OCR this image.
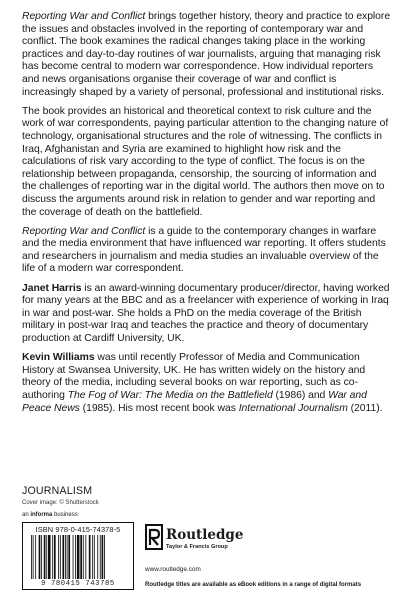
Reporting War and Conflict brings together history, theory and practice to explore the issues and obstacles involved in the reporting of contemporary war and conflict. The book examines the radical changes taking place in the working practices and day-to-day routines of war journalists, arguing that managing risk has become central to modern war correspondence. How individual reporters and news organisations organise their coverage of war and conflict is increasingly shaped by a variety of personal, professional and institutional risks.

The book provides an historical and theoretical context to risk culture and the work of war correspondents, paying particular attention to the changing nature of technology, organisational structures and the role of witnessing. The conflicts in Iraq, Afghanistan and Syria are examined to highlight how risk and the calculations of risk vary according to the type of conflict. The focus is on the relationship between propaganda, censorship, the sourcing of information and the challenges of reporting war in the digital world. The authors then move on to discuss the arguments around risk in relation to gender and war reporting and the coverage of death on the battlefield.

Reporting War and Conflict is a guide to the contemporary changes in warfare and the media environment that have influenced war reporting. It offers students and researchers in journalism and media studies an invaluable overview of the life of a modern war correspondent.

Janet Harris is an award-winning documentary producer/director, having worked for many years at the BBC and as a freelancer with experience of working in Iraq in war and post-war. She holds a PhD on the media coverage of the British military in post-war Iraq and teaches the practice and theory of documentary production at Cardiff University, UK.

Kevin Williams was until recently Professor of Media and Communication History at Swansea University, UK. He has written widely on the history and theory of the media, including several books on war reporting, such as co-authoring The Fog of War: The Media on the Battlefield (1986) and War and Peace News (1985). His most recent book was International Journalism (2011).

JOURNALISM
Cover image: © Shutterstock
an informa business
ISBN 978-0-415-74378-5
9 780415 743785
Routledge
Taylor & Francis Group
www.routledge.com
Routledge titles are available as eBook editions in a range of digital formats
